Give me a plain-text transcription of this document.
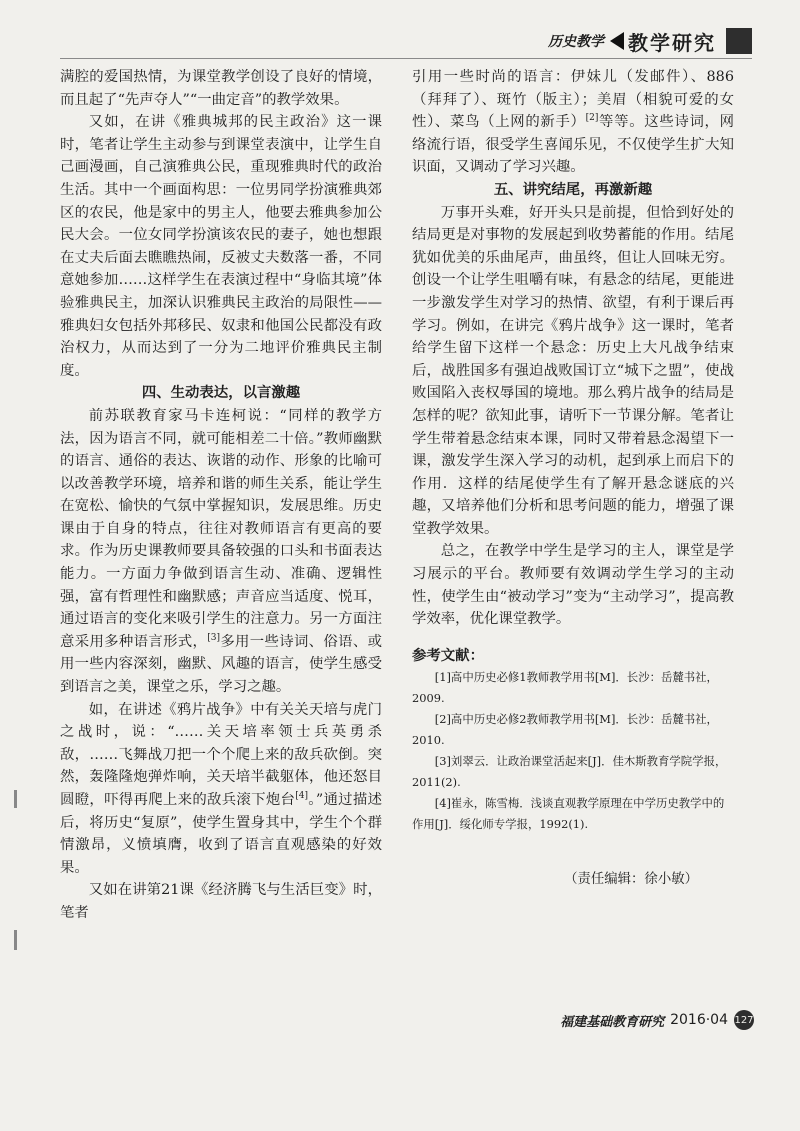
历史教学 教学研究

满腔的爱国热情，为课堂教学创设了良好的情境，而且起了“先声夺人”“一曲定音”的教学效果。

又如，在讲《雅典城邦的民主政治》这一课时，笔者让学生主动参与到课堂表演中，让学生自己画漫画，自己演雅典公民，重现雅典时代的政治生活。其中一个画面构思：一位男同学扮演雅典郊区的农民，他是家中的男主人，他要去雅典参加公民大会。一位女同学扮演该农民的妻子，她也想跟在丈夫后面去瞧瞧热闹，反被丈夫数落一番，不同意她参加……这样学生在表演过程中“身临其境”体验雅典民主，加深认识雅典民主政治的局限性——雅典妇女包括外邦移民、奴隶和他国公民都没有政治权力，从而达到了一分为二地评价雅典民主制度。

四、生动表达，以言激趣

前苏联教育家马卡连柯说：“同样的教学方法，因为语言不同，就可能相差二十倍。”教师幽默的语言、通俗的表达、诙谐的动作、形象的比喻可以改善教学环境，培养和谐的师生关系，能让学生在宽松、愉快的气氛中掌握知识，发展思维。历史课由于自身的特点，往往对教师语言有更高的要求。作为历史课教师要具备较强的口头和书面表达能力。一方面力争做到语言生动、准确、逻辑性强，富有哲理性和幽默感；声音应当适度、悦耳，通过语言的变化来吸引学生的注意力。另一方面注意采用多种语言形式，[3]多用一些诗词、俗语、或用一些内容深刻，幽默、风趣的语言，使学生感受到语言之美，课堂之乐，学习之趣。

如，在讲述《鸦片战争》中有关关天培与虎门之战时，说：“……关天培率领士兵英勇杀敌，……飞舞战刀把一个个爬上来的敌兵砍倒。突然，轰隆隆炮弹炸响，关天培半截躯体，他还怒目圆瞪，吓得再爬上来的敌兵滚下炮台[4]。”通过描述后，将历史“复原”，使学生置身其中，学生个个群情激昂，义愤填膺，收到了语言直观感染的好效果。

又如在讲第21课《经济腾飞与生活巨变》时，笔者

引用一些时尚的语言：伊妹儿（发邮件）、886（拜拜了）、斑竹（版主）；美眉（相貌可爱的女性）、菜鸟（上网的新手）[2]等等。这些诗词，网络流行语，很受学生喜闻乐见，不仅使学生扩大知识面，又调动了学习兴趣。

五、讲究结尾，再激新趣

万事开头难，好开头只是前提，但恰到好处的结局更是对事物的发展起到收势蓄能的作用。结尾犹如优美的乐曲尾声，曲虽终，但让人回味无穷。创设一个让学生咀嚼有味，有悬念的结尾，更能进一步激发学生对学习的热情、欲望，有利于课后再学习。例如，在讲完《鸦片战争》这一课时，笔者给学生留下这样一个悬念：历史上大凡战争结束后，战胜国多有强迫战败国订立“城下之盟”，使战败国陷入丧权辱国的境地。那么鸦片战争的结局是怎样的呢？欲知此事，请听下一节课分解。笔者让学生带着悬念结束本课，同时又带着悬念渴望下一课，激发学生深入学习的动机，起到承上而启下的作用．这样的结尾使学生有了解开悬念谜底的兴趣，又培养他们分析和思考问题的能力，增强了课堂教学效果。

总之，在教学中学生是学习的主人，课堂是学习展示的平台。教师要有效调动学生学习的主动性，使学生由“被动学习”变为“主动学习”，提高教学效率，优化课堂教学。

参考文献：

[1]高中历史必修1教师教学用书[M]．长沙：岳麓书社，2009.

[2]高中历史必修2教师教学用书[M]．长沙：岳麓书社，2010.

[3]刘翠云．让政治课堂活起来[J]．佳木斯教育学院学报，2011(2).

[4]崔永，陈雪梅．浅谈直观教学原理在中学历史教学中的作用[J]．绥化师专学报，1992(1).

（责任编辑：徐小敏）
福建基础教育研究 2016·04 127
